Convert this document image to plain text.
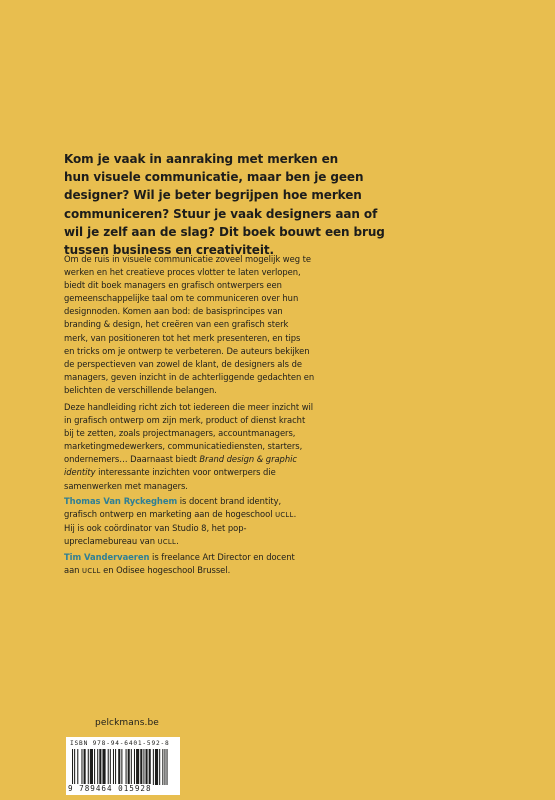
Kom je vaak in aanraking met merken en
hun visuele communicatie, maar ben je geen
designer? Wil je beter begrijpen hoe merken
communiceren? Stuur je vaak designers aan of
wil je zelf aan de slag? Dit boek bouwt een brug
tussen business en creativiteit.
Om de ruis in visuele communicatie zoveel mogelijk weg te
werken en het creatieve proces vlotter te laten verlopen,
biedt dit boek managers en grafisch ontwerpers een
gemeenschappelijke taal om te communiceren over hun
designnoden. Komen aan bod: de basisprincipes van
branding & design, het creëren van een grafisch sterk
merk, van positioneren tot het merk presenteren, en tips
en tricks om je ontwerp te verbeteren. De auteurs bekijken
de perspectieven van zowel de klant, de designers als de
managers, geven inzicht in de achterliggende gedachten en
belichten de verschillende belangen.
Deze handleiding richt zich tot iedereen die meer inzicht wil
in grafisch ontwerp om zijn merk, product of dienst kracht
bij te zetten, zoals projectmanagers, accountmanagers,
marketingmedewerkers, communicatiediensten, starters,
ondernemers… Daarnaast biedt Brand design & graphic
identity interessante inzichten voor ontwerpers die
samenwerken met managers.
Thomas Van Ryckeghem is docent brand identity,
grafisch ontwerp en marketing aan de hogeschool UCLL.
Hij is ook coördinator van Studio 8, het pop-
upreclamebureau van UCLL.
Tim Vandervaeren is freelance Art Director en docent
aan UCLL en Odisee hogeschool Brussel.
pelckmans.be
ISBN 978-94-6401-592-8
9 789464 015928
